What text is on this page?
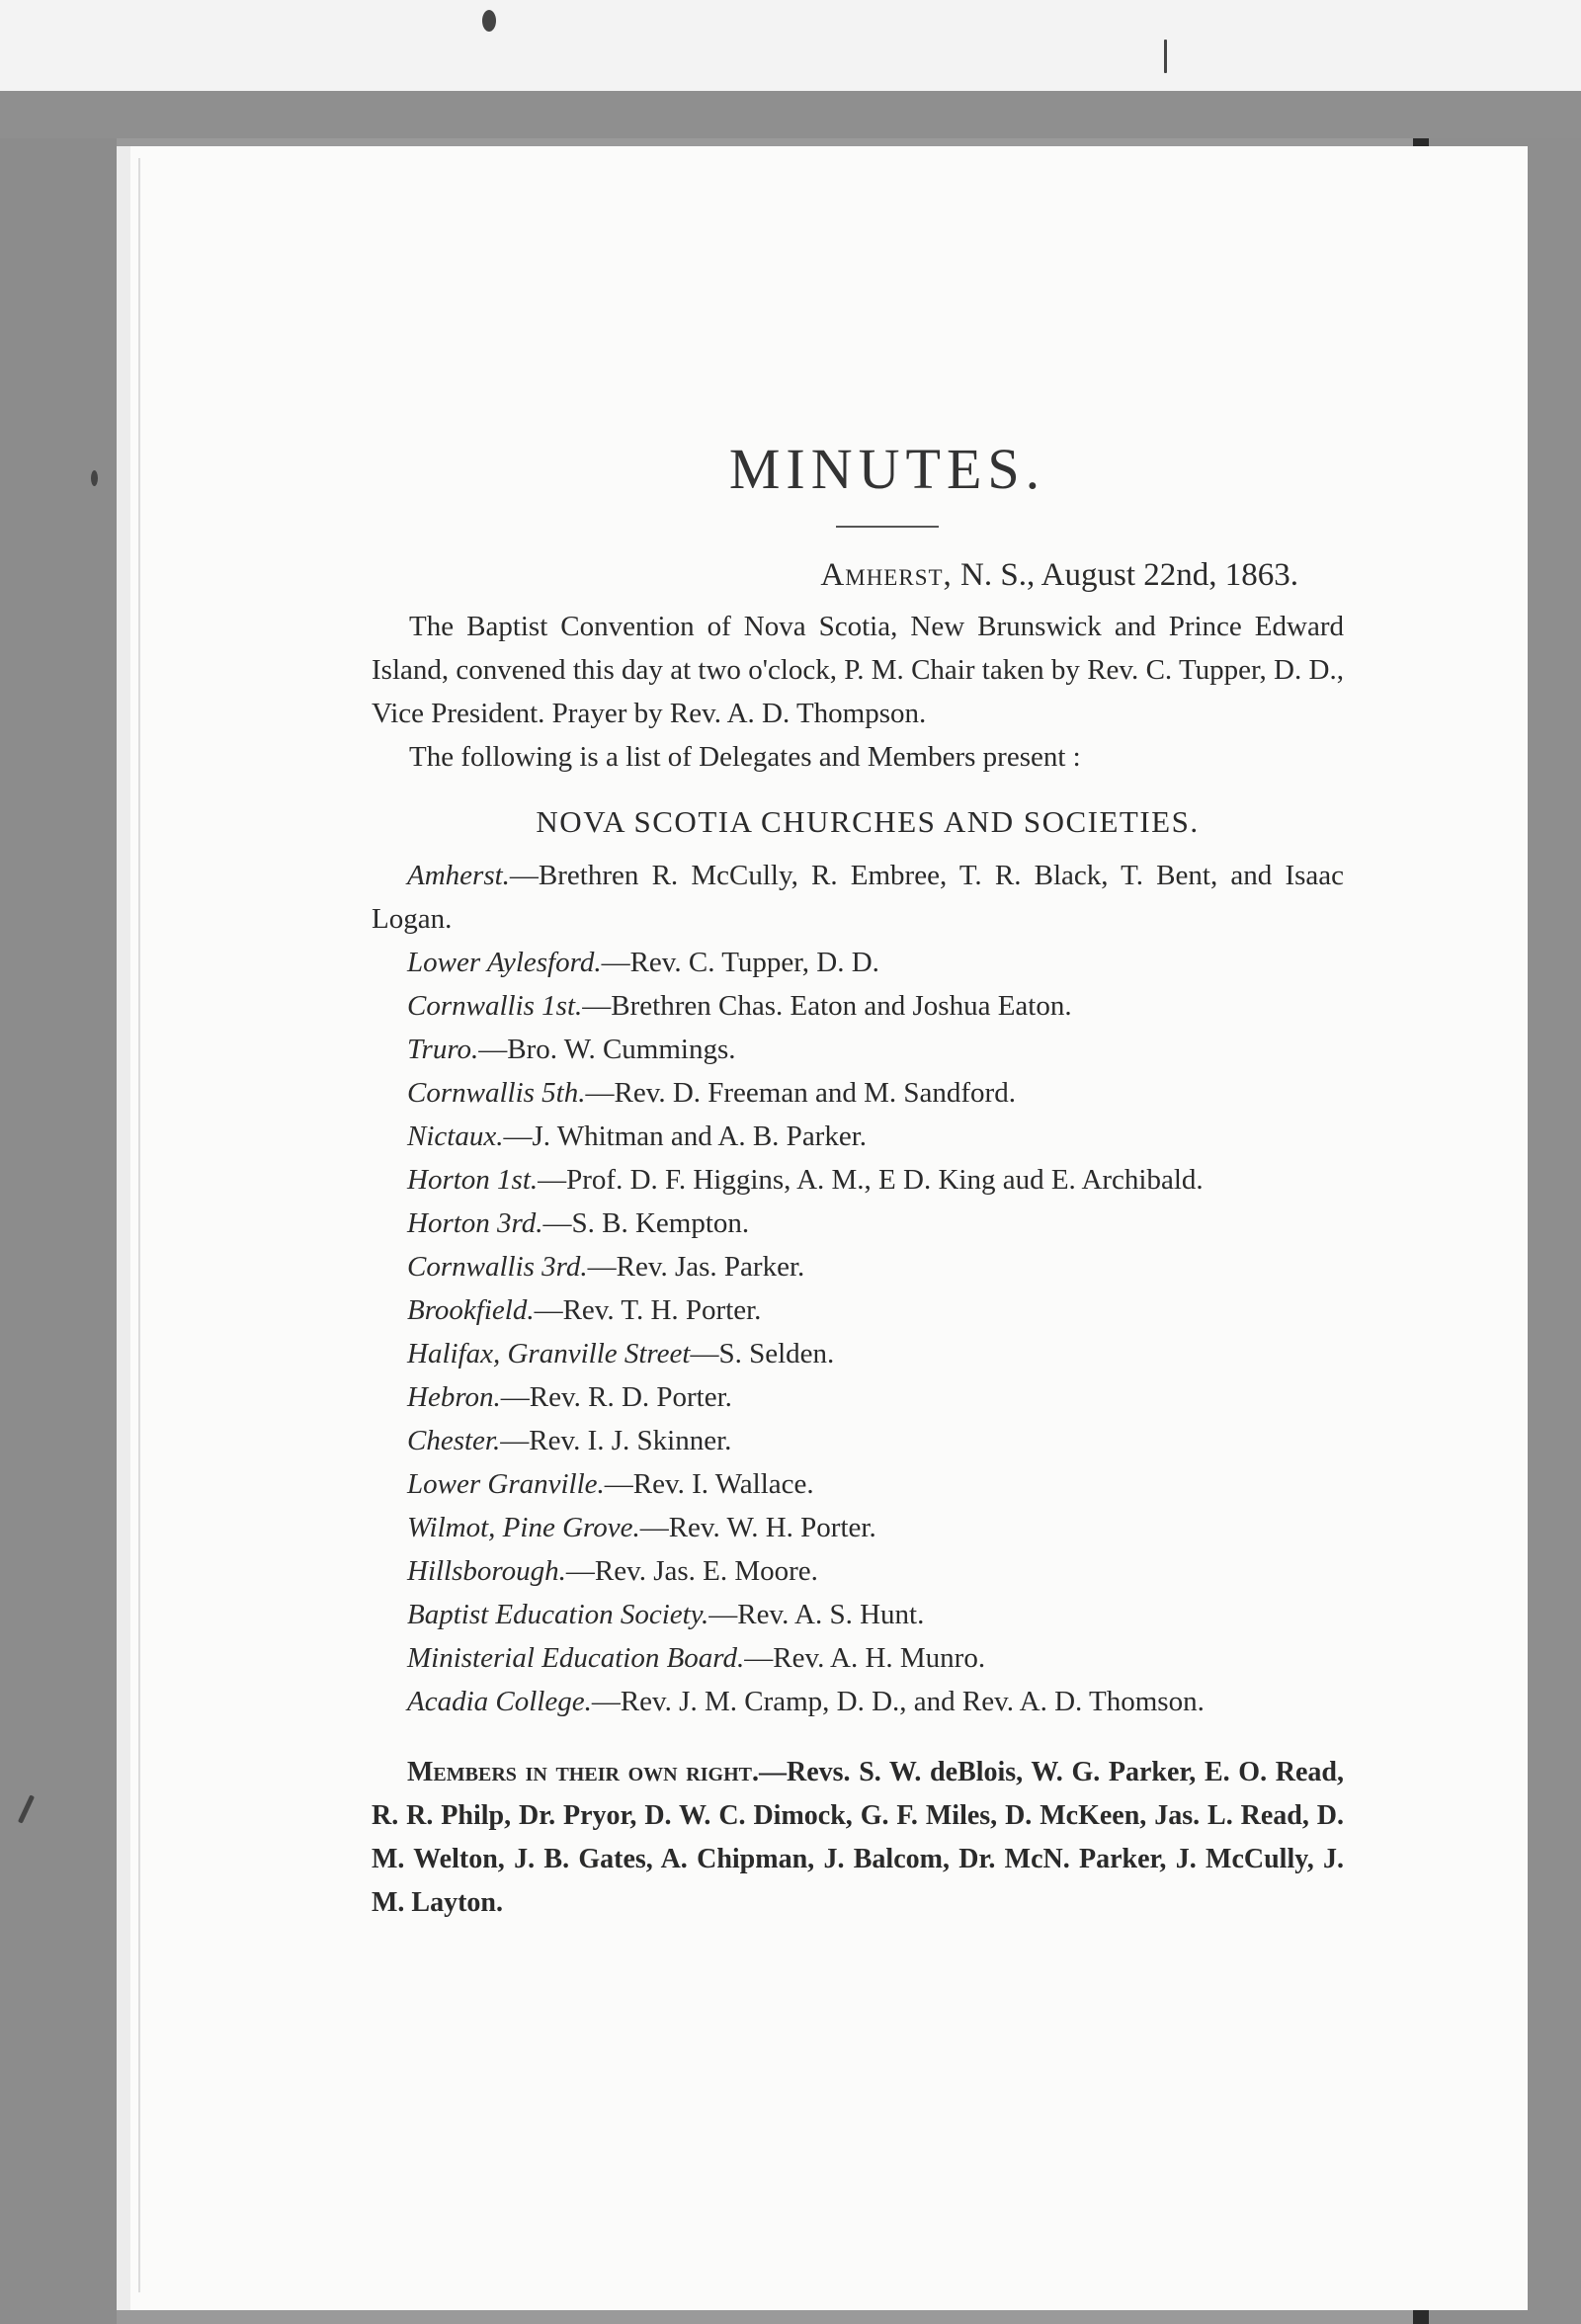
MINUTES.

Amherst, N. S., August 22nd, 1863.

The Baptist Convention of Nova Scotia, New Brunswick and Prince Edward Island, convened this day at two o'clock, P. M. Chair taken by Rev. C. Tupper, D. D., Vice President. Prayer by Rev. A. D. Thompson.

The following is a list of Delegates and Members present :

NOVA SCOTIA CHURCHES AND SOCIETIES.

Amherst.—Brethren R. McCully, R. Embree, T. R. Black, T. Bent, and Isaac Logan.

Lower Aylesford.—Rev. C. Tupper, D. D.

Cornwallis 1st.—Brethren Chas. Eaton and Joshua Eaton.

Truro.—Bro. W. Cummings.

Cornwallis 5th.—Rev. D. Freeman and M. Sandford.

Nictaux.—J. Whitman and A. B. Parker.

Horton 1st.—Prof. D. F. Higgins, A. M., E D. King aud E. Archibald.

Horton 3rd.—S. B. Kempton.

Cornwallis 3rd.—Rev. Jas. Parker.

Brookfield.—Rev. T. H. Porter.

Halifax, Granville Street—S. Selden.

Hebron.—Rev. R. D. Porter.

Chester.—Rev. I. J. Skinner.

Lower Granville.—Rev. I. Wallace.

Wilmot, Pine Grove.—Rev. W. H. Porter.

Hillsborough.—Rev. Jas. E. Moore.

Baptist Education Society.—Rev. A. S. Hunt.

Ministerial Education Board.—Rev. A. H. Munro.

Acadia College.—Rev. J. M. Cramp, D. D., and Rev. A. D. Thomson.

Members in their own right.—Revs. S. W. deBlois, W. G. Parker, E. O. Read, R. R. Philp, Dr. Pryor, D. W. C. Dimock, G. F. Miles, D. McKeen, Jas. L. Read, D. M. Welton, J. B. Gates, A. Chipman, J. Balcom, Dr. McN. Parker, J. McCully, J. M. Layton.
